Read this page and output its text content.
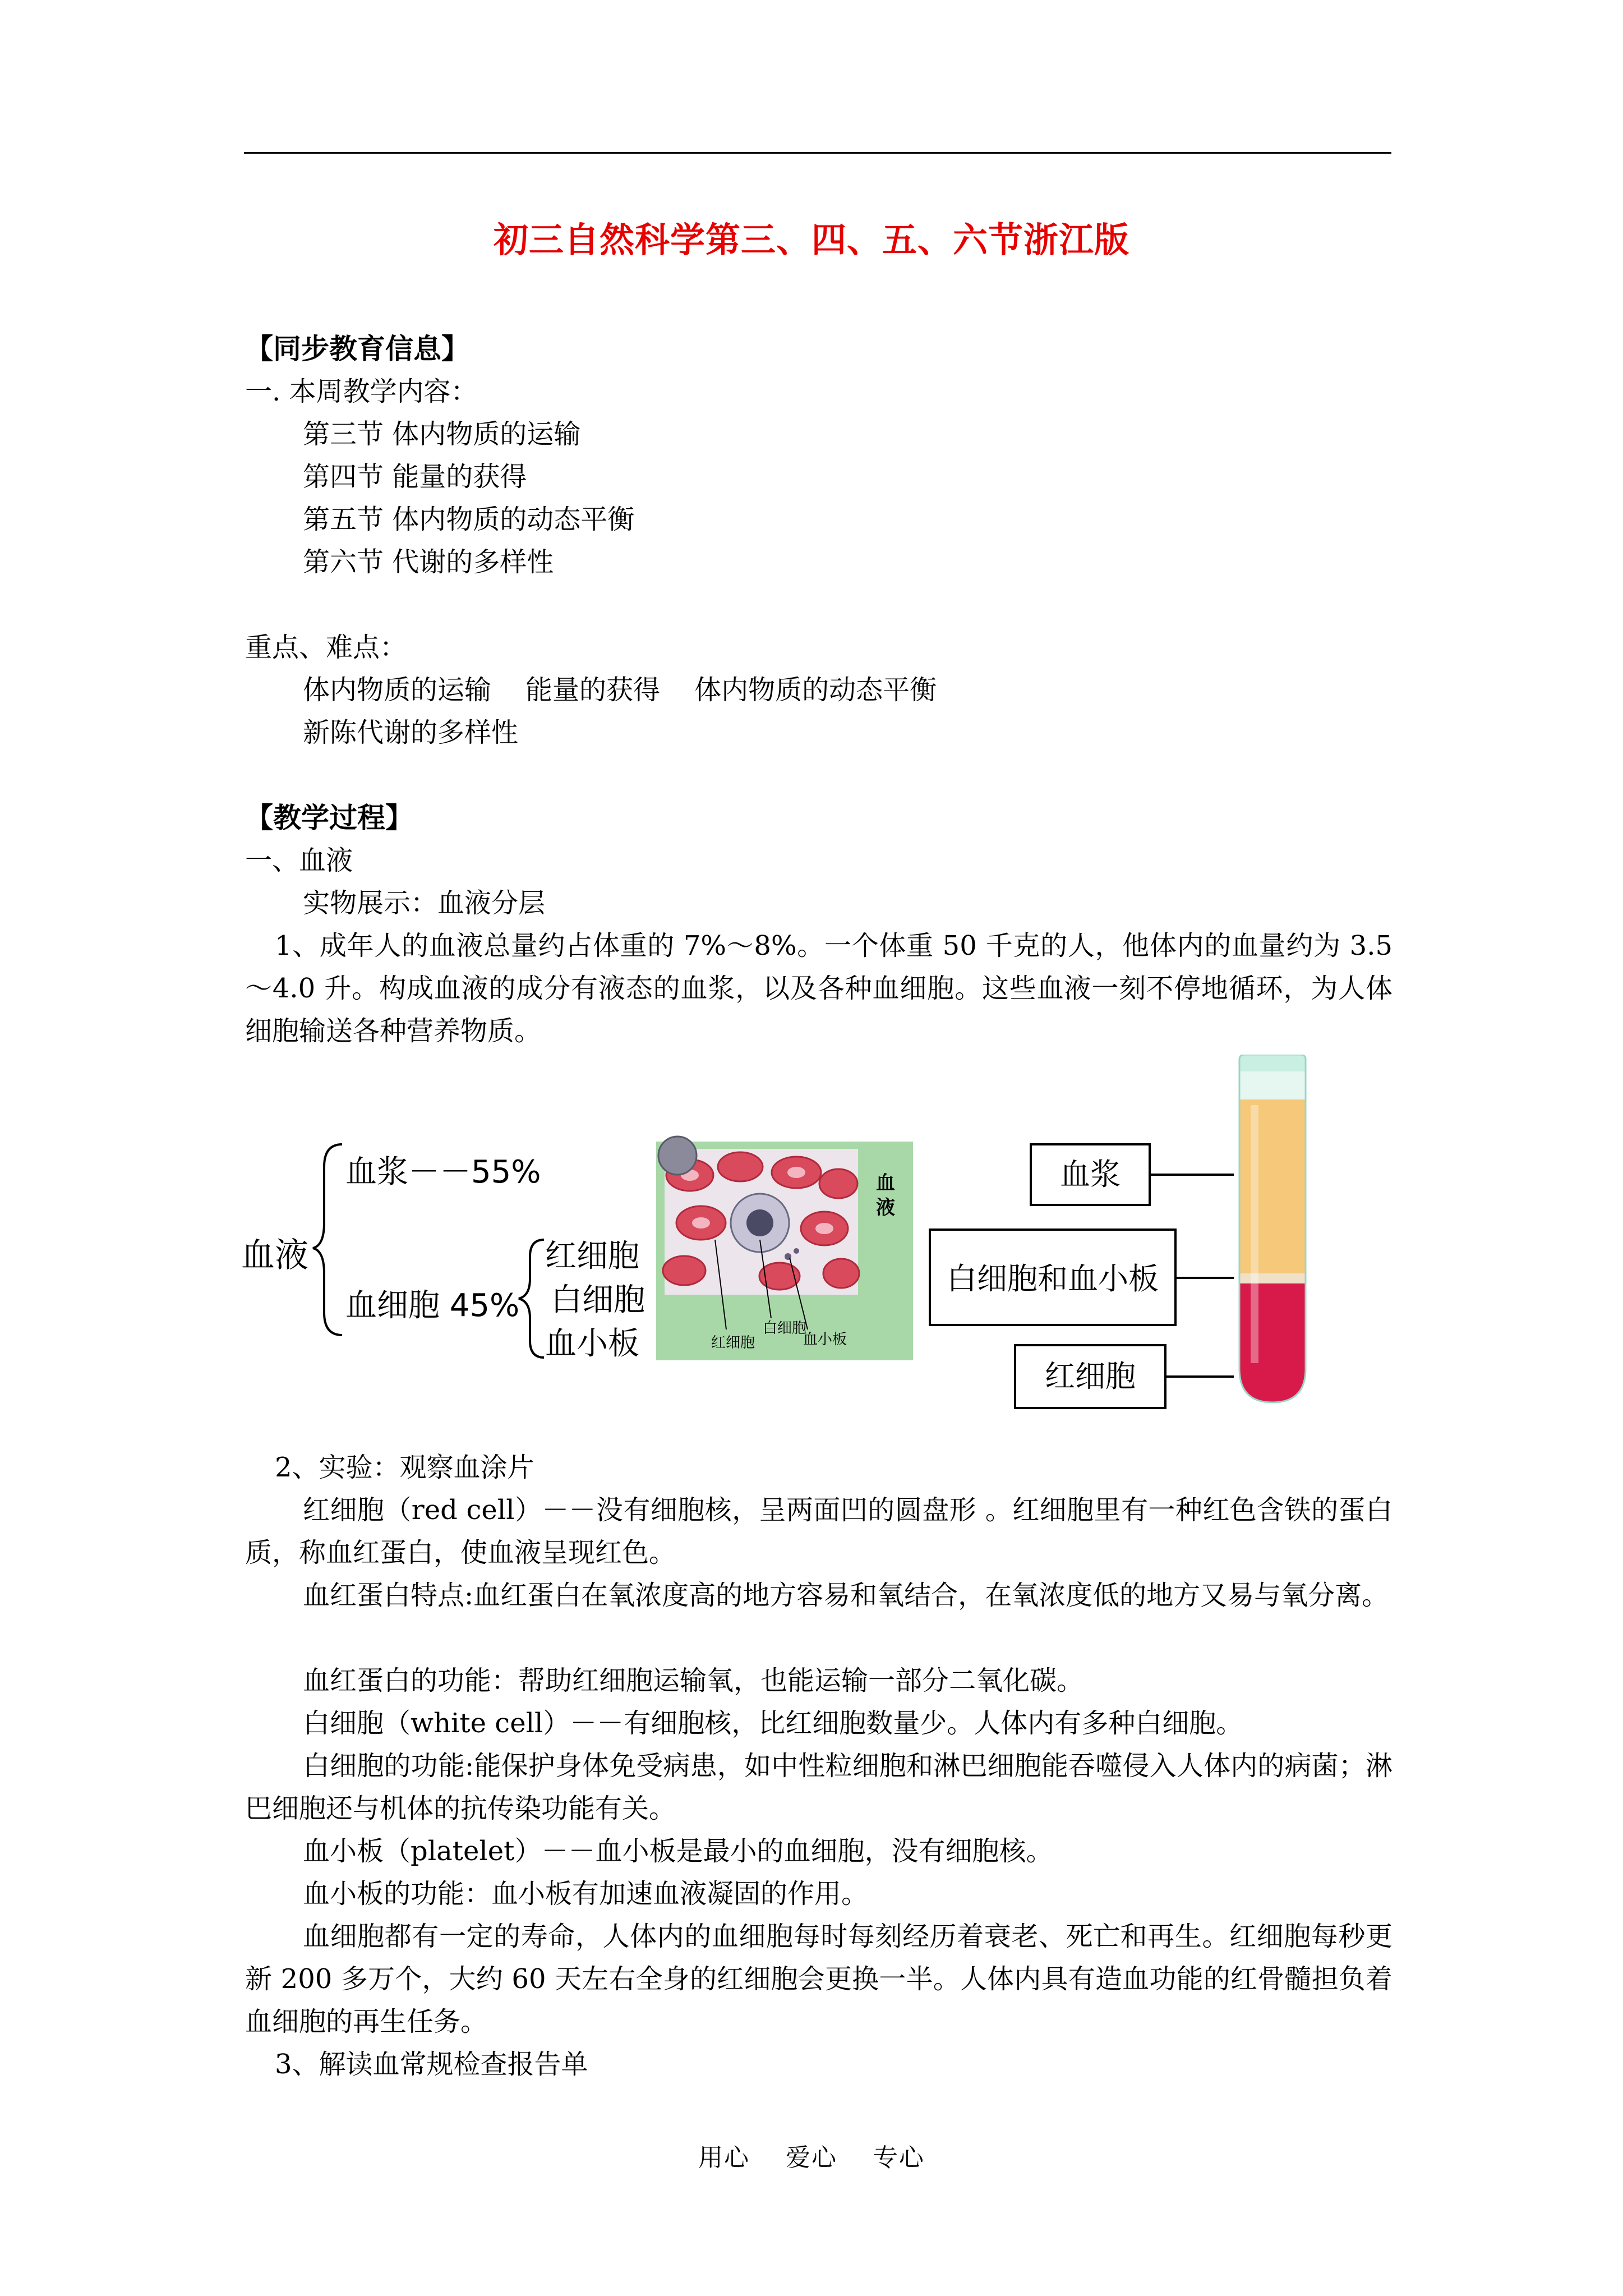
初三自然科学第三、四、五、六节浙江版
【同步教育信息】
一. 本周教学内容：
第三节 体内物质的运输
第四节 能量的获得
第五节 体内物质的动态平衡
第六节 代谢的多样性
重点、难点：
体内物质的运输    能量的获得    体内物质的动态平衡
新陈代谢的多样性
【教学过程】
一、血液
实物展示：血液分层
1、成年人的血液总量约占体重的 7%～8%。一个体重 50 千克的人，他体内的血量约为 3.5～4.0 升。构成血液的成分有液态的血浆，以及各种血细胞。这些血液一刻不停地循环，为人体细胞输送各种营养物质。
血液
血浆－－55%
血细胞 45%
红细胞
白细胞
血小板	红细胞
白细胞
血小板
血液
血浆
白细胞和血小板
红细胞
2、实验：观察血涂片
红细胞（red cell）－－没有细胞核，呈两面凹的圆盘形 。红细胞里有一种红色含铁的蛋白质，称血红蛋白，使血液呈现红色。
血红蛋白特点:血红蛋白在氧浓度高的地方容易和氧结合，在氧浓度低的地方又易与氧分离。
血红蛋白的功能：帮助红细胞运输氧，也能运输一部分二氧化碳。
白细胞（white cell）－－有细胞核，比红细胞数量少。人体内有多种白细胞。
白细胞的功能:能保护身体免受病患，如中性粒细胞和淋巴细胞能吞噬侵入人体内的病菌；淋巴细胞还与机体的抗传染功能有关。
血小板（platelet）－－血小板是最小的血细胞，没有细胞核。
血小板的功能：血小板有加速血液凝固的作用。
血细胞都有一定的寿命，人体内的血细胞每时每刻经历着衰老、死亡和再生。红细胞每秒更新 200 多万个，大约 60 天左右全身的红细胞会更换一半。人体内具有造血功能的红骨髓担负着血细胞的再生任务。
3、解读血常规检查报告单
用心    爱心    专心
